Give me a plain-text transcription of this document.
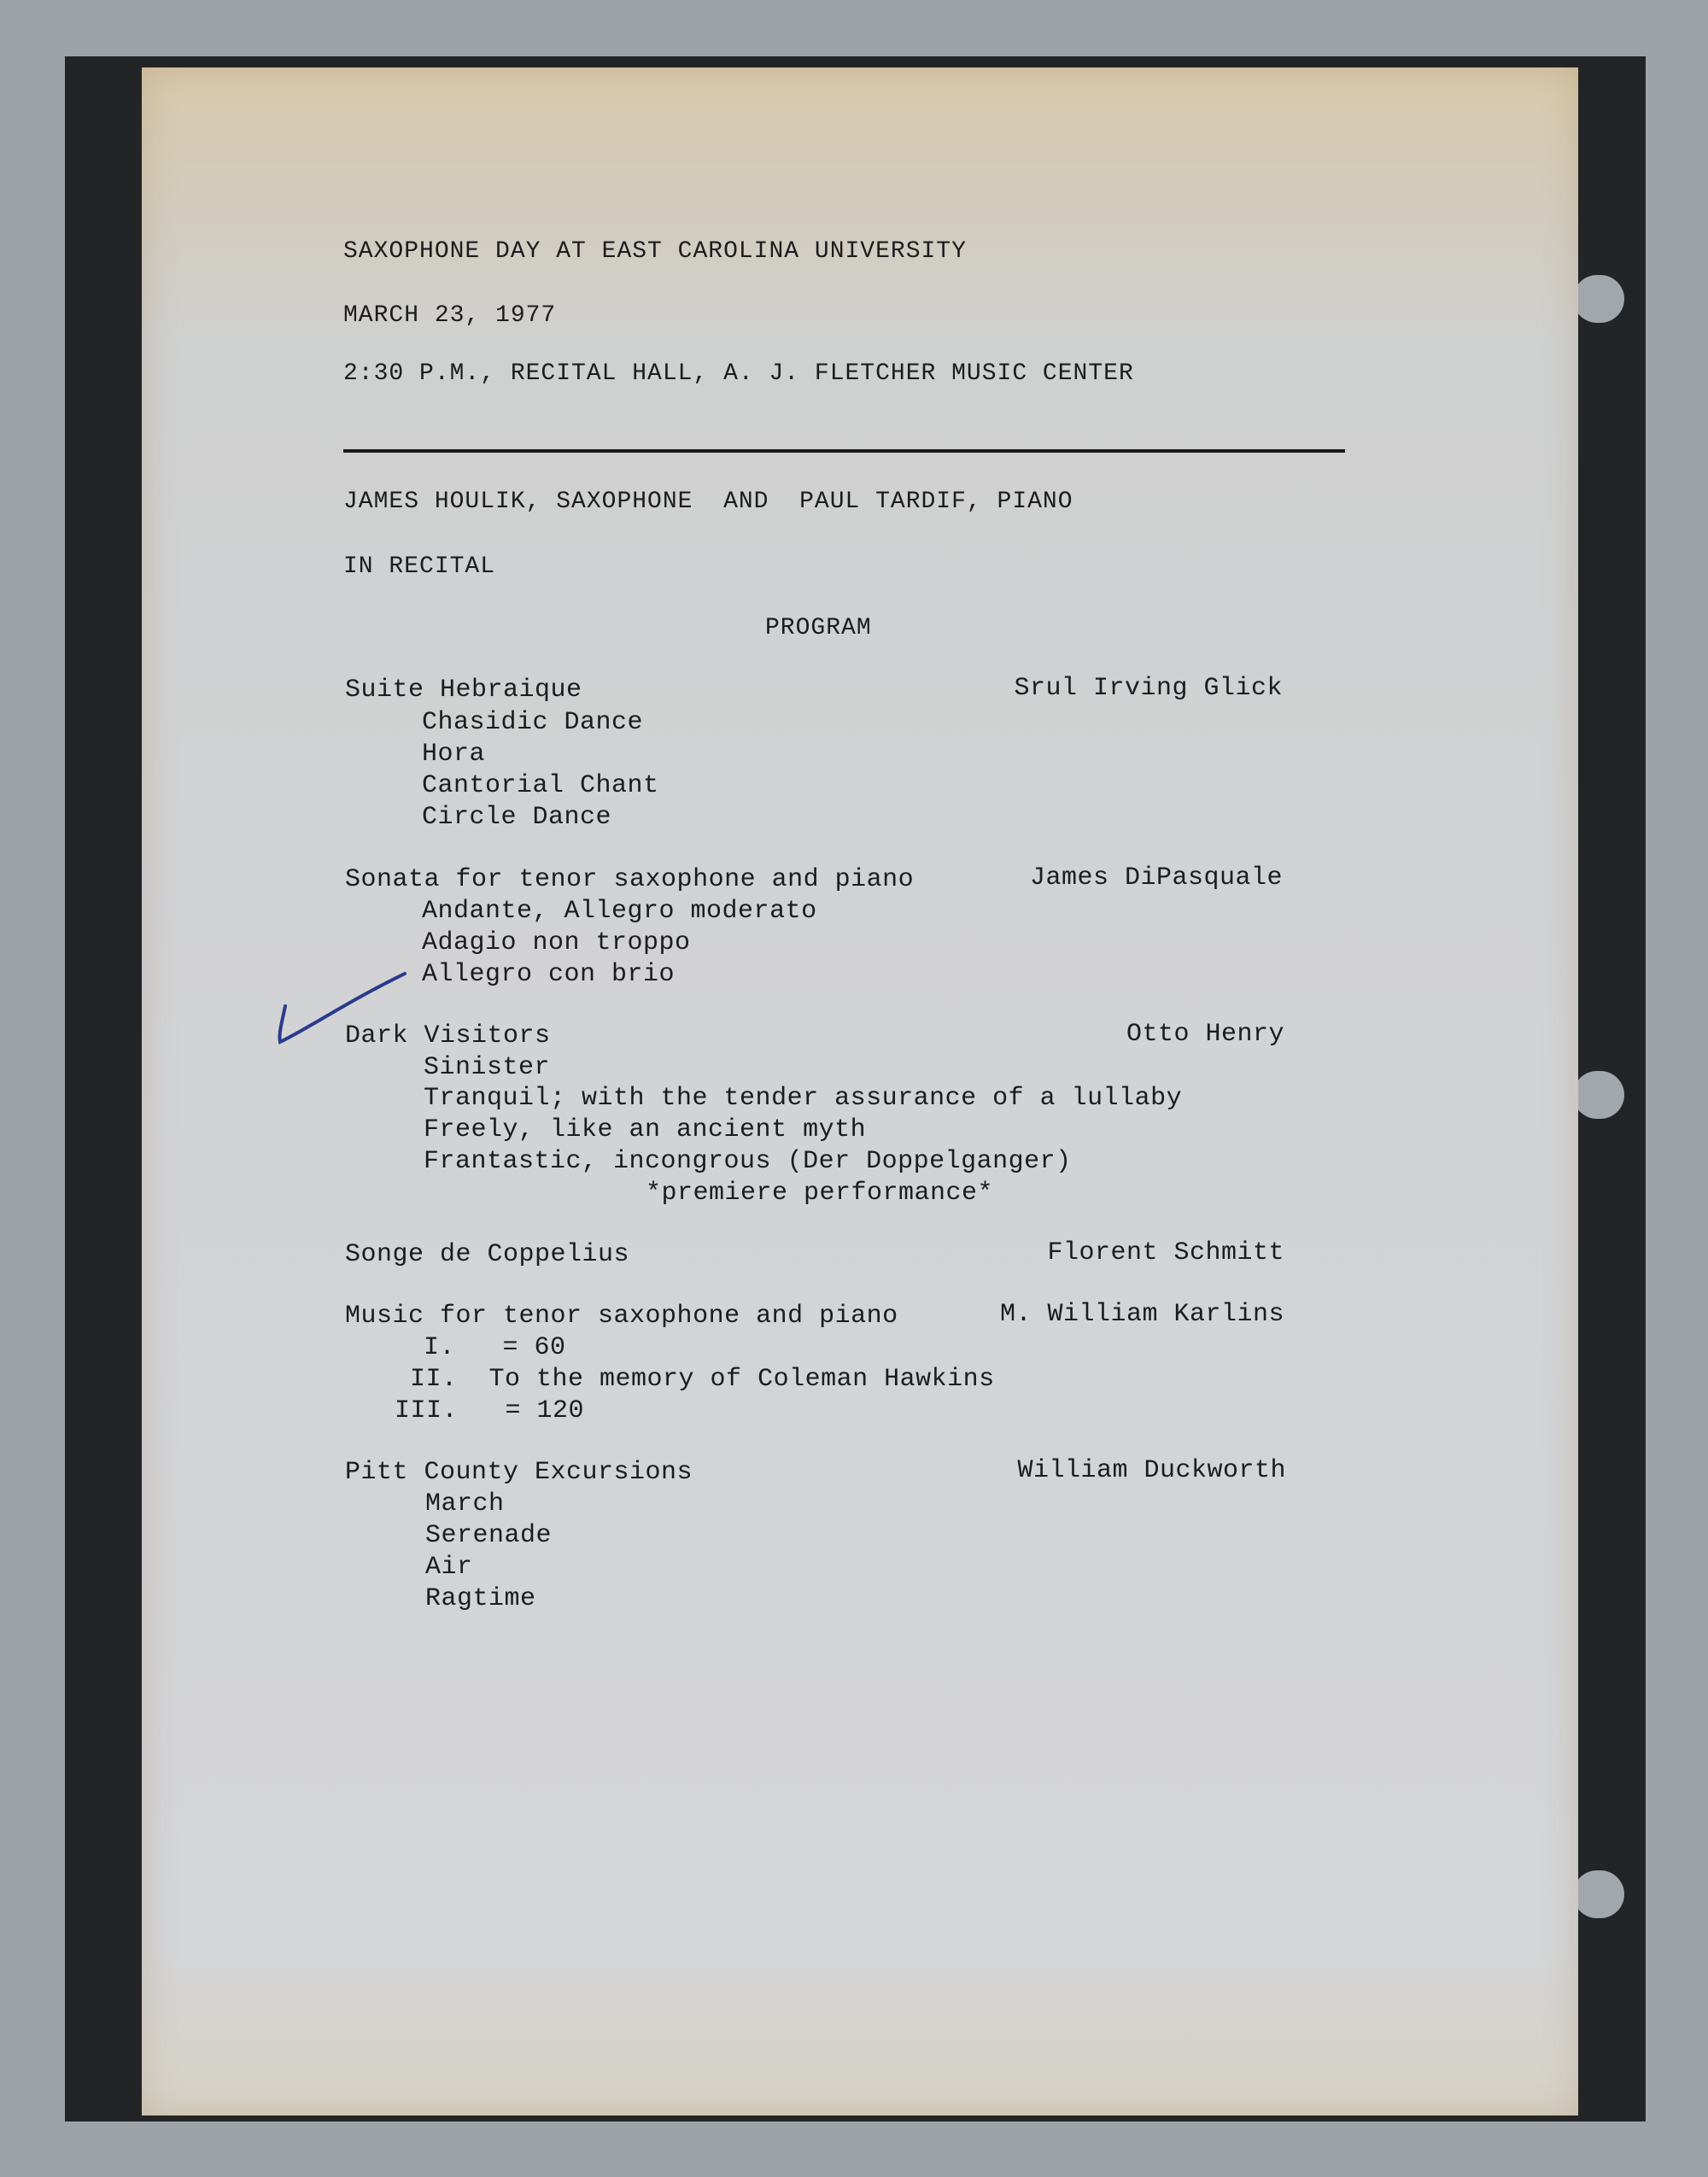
SAXOPHONE DAY AT EAST CAROLINA UNIVERSITY
MARCH 23, 1977
2:30 P.M., RECITAL HALL, A. J. FLETCHER MUSIC CENTER
JAMES HOULIK, SAXOPHONE  AND  PAUL TARDIF, PIANO
IN RECITAL
PROGRAM
Suite Hebraique	Srul Irving Glick
Chasidic Dance
Hora
Cantorial Chant
Circle Dance
Sonata for tenor saxophone and piano	James DiPasquale
Andante, Allegro moderato
Adagio non troppo
Allegro con brio
Dark Visitors	Otto Henry
Sinister
Tranquil; with the tender assurance of a lullaby
Freely, like an ancient myth
Frantastic, incongrous (Der Doppelganger)
*premiere performance*
Songe de Coppelius	Florent Schmitt
Music for tenor saxophone and piano	M. William Karlins
I.   = 60
II.  To the memory of Coleman Hawkins
III.   = 120
Pitt County Excursions	William Duckworth
March
Serenade
Air
Ragtime
